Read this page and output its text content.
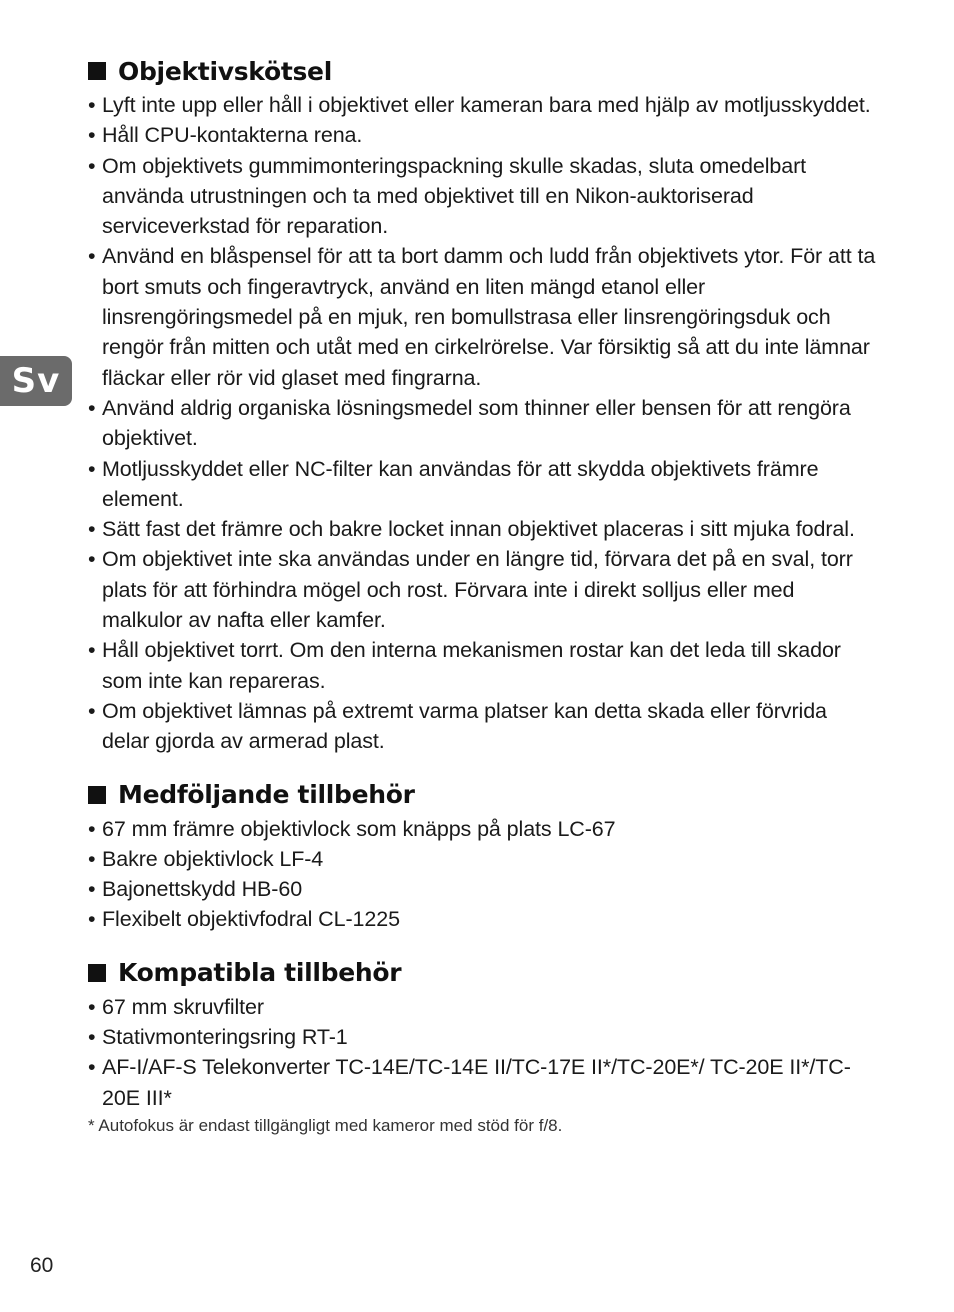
Sv
Objektivskötsel
• Lyft inte upp eller håll i objektivet eller kameran bara med hjälp av motljusskyddet.
• Håll CPU-kontakterna rena.
• Om objektivets gummimonteringspackning skulle skadas, sluta omedelbart använda utrustningen och ta med objektivet till en Nikon-auktoriserad serviceverkstad för reparation.
• Använd en blåspensel för att ta bort damm och ludd från objektivets ytor. För att ta bort smuts och fingeravtryck, använd en liten mängd etanol eller linsrengöringsmedel på en mjuk, ren bomullstrasa eller linsrengöringsduk och rengör från mitten och utåt med en cirkelrörelse. Var försiktig så att du inte lämnar fläckar eller rör vid glaset med fingrarna.
• Använd aldrig organiska lösningsmedel som thinner eller bensen för att rengöra objektivet.
• Motljusskyddet eller NC-filter kan användas för att skydda objektivets främre element.
• Sätt fast det främre och bakre locket innan objektivet placeras i sitt mjuka fodral.
• Om objektivet inte ska användas under en längre tid, förvara det på en sval, torr plats för att förhindra mögel och rost. Förvara inte i direkt solljus eller med malkulor av nafta eller kamfer.
• Håll objektivet torrt. Om den interna mekanismen rostar kan det leda till skador som inte kan repareras.
• Om objektivet lämnas på extremt varma platser kan detta skada eller förvrida delar gjorda av armerad plast.
Medföljande tillbehör
• 67 mm främre objektivlock som knäpps på plats LC-67
• Bakre objektivlock LF-4
• Bajonettskydd HB-60
• Flexibelt objektivfodral CL-1225
Kompatibla tillbehör
• 67 mm skruvfilter
• Stativmonteringsring RT-1
• AF-I/AF-S Telekonverter TC-14E/TC-14E II/TC-17E II*/TC-20E*/ TC-20E II*/TC-20E III*
* Autofokus är endast tillgängligt med kameror med stöd för f/8.
60
